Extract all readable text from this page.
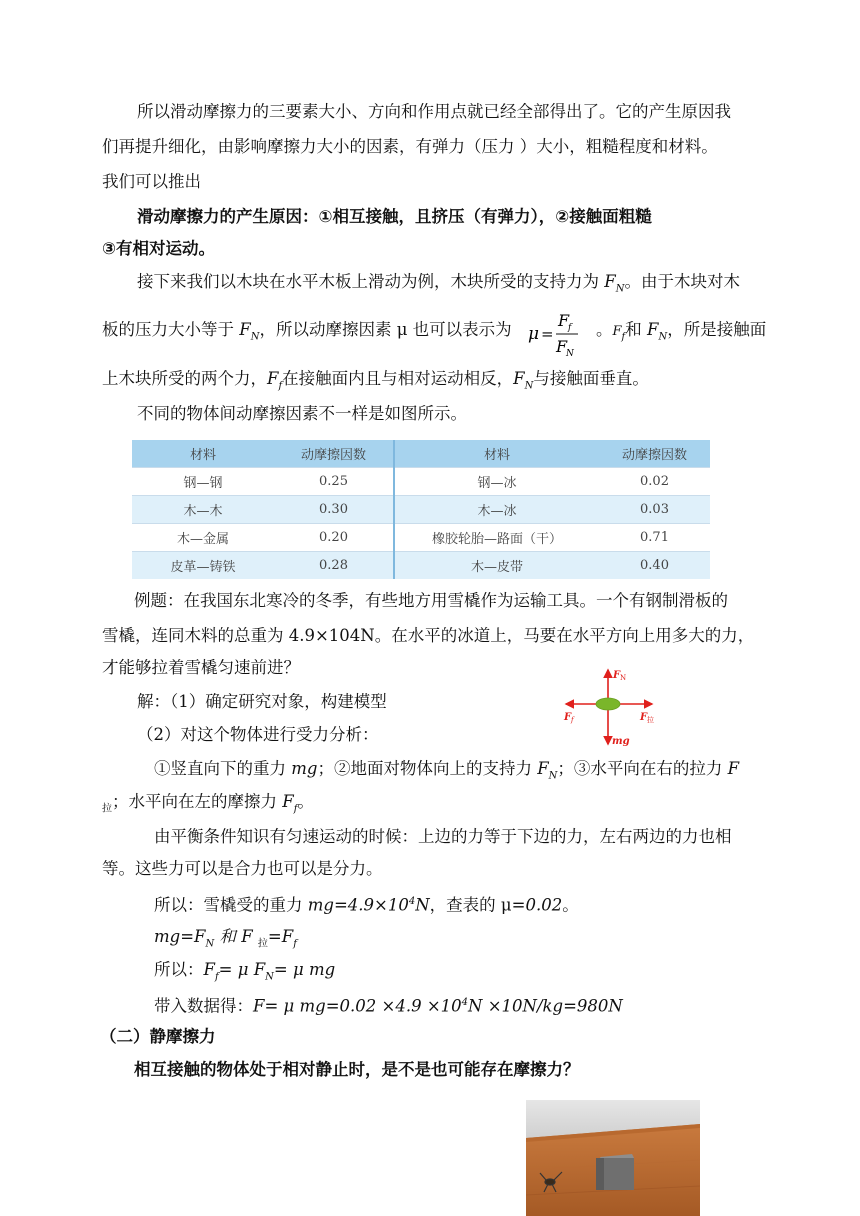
所以滑动摩擦力的三要素大小、方向和作用点就已经全部得出了。它的产生原因我
们再提升细化，由影响摩擦力大小的因素，有弹力（压力 ）大小，粗糙程度和材料。
我们可以推出
滑动摩擦力的产生原因：①相互接触，且挤压（有弹力），②接触面粗糙
③有相对运动。
接下来我们以木块在水平木板上滑动为例，木块所受的支持力为 $F_N$。由于木块对木
板的压力大小等于 $F_N$，所以动摩擦因素 μ 也可以表示为 μ =
F
f
F
N
。$F_f$和 $F_N$，所是接触面
上木块所受的两个力，$F_f$在接触面内且与相对运动相反，$F_N$与接触面垂直。
不同的物体间动摩擦因素不一样是如图所示。
材料	动摩擦因数	材料	动摩擦因数
钢—钢	0.25	钢—冰	0.02
木—木	0.30	木—冰	0.03
木—金属	0.20	橡胶轮胎—路面（干）	0.71
皮革—铸铁	0.28	木—皮带	0.40
例题：在我国东北寒冷的冬季，有些地方用雪橇作为运输工具。一个有钢制滑板的
雪橇，连同木料的总重为 4.9×104N。在水平的冰道上，马要在水平方向上用多大的力，
才能够拉着雪橇匀速前进？
解：（1）确定研究对象，构建模型
（2）对这个物体进行受力分析：
F N
F f	F 拉
mg
①竖直向下的重力 mg；②地面对物体向上的支持力 $F_N$；③水平向在右的拉力 F
$_拉$；水平向在左的摩擦力 $F_f$。
由平衡条件知识有匀速运动的时候：上边的力等于下边的力，左右两边的力也相
等。这些力可以是合力也可以是分力。
所以：雪橇受的重力 $mg=4.9\times 10^4N$，查表的 μ=0.02。
$mg=F_N$ 和 F $_拉=F_f$
所以：$F_f= \mu$ $F_N= \mu$ mg
带入数据得：F= μ $mg=0.02 \times 4.9 \times 10^4N \times 10N/kg=980N$
（二）静摩擦力
相互接触的物体处于相对静止时，是不是也可能存在摩擦力？
